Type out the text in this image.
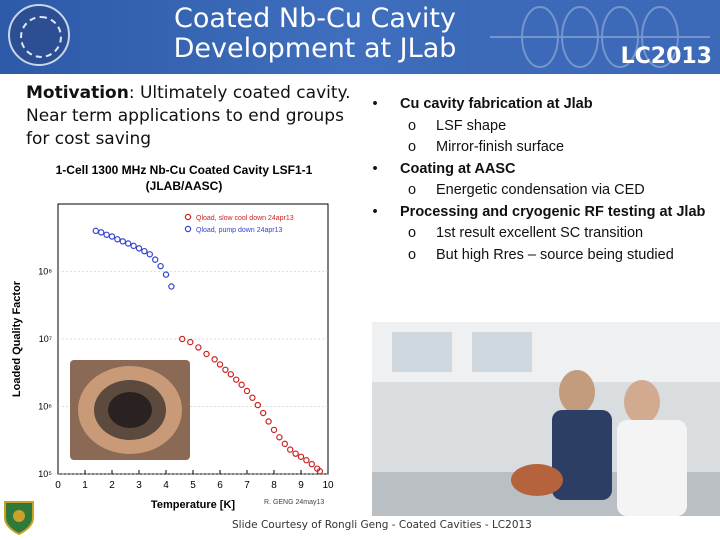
Coated Nb-Cu Cavity
Development at JLab	LC2013
Motivation: Ultimately coated cavity. Near term applications to end groups for cost saving
•	Cu cavity fabrication at Jlab
o LSF shape
o Mirror-finish surface
•	Coating at AASC
o Energetic condensation via CED
•	Processing and cryogenic RF testing at Jlab
o 1st result excellent SC transition
o But high Rres – source being studied
1-Cell 1300 MHz Nb-Cu Coated Cavity LSF1-1
(JLAB/AASC)
0 1 2 3 4 5 6 7 8 9 10
10⁵
10⁶
10⁷
10⁸
Qload, slow cool down 24apr13
Qload, pump down 24apr13
Temperature [K]
Loaded Quality Factor
R. GENG 24may13
Slide Courtesy of Rongli Geng - Coated Cavities - LC2013
